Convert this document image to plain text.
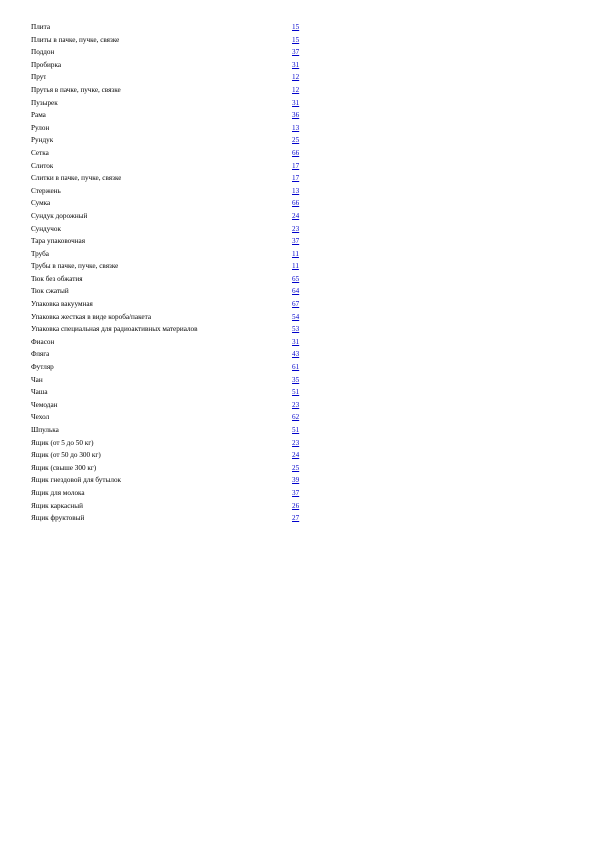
Плита	15
Плиты в пачке, пучке, связке	15
Поддон	37
Пробирка	31
Прут	12
Прутья в пачке, пучке, связке	12
Пузырек	31
Рама	36
Рулон	13
Рундук	25
Сетка	66
Слиток	17
Слитки в пачке, пучке, связке	17
Стержень	13
Сумка	66
Сундук дорожный	24
Сундучок	23
Тара упаковочная	37
Труба	11
Трубы в пачке, пучке, связке	11
Тюк без обжатия	65
Тюк сжатый	64
Упаковка вакуумная	67
Упаковка жесткая в виде короба/пакета	54
Упаковка специальная для радиоактивных материалов	53
Фиасон	31
Фляга	43
Футляр	61
Чан	35
Чаша	51
Чемодан	23
Чехол	62
Шпулька	51
Ящик (от 5 до 50 кг)	23
Ящик (от 50 до 300 кг)	24
Ящик (свыше 300 кг)	25
Ящик гнездовой для бутылок	39
Ящик для молока	37
Ящик каркасный	26
Ящик фруктовый	27
